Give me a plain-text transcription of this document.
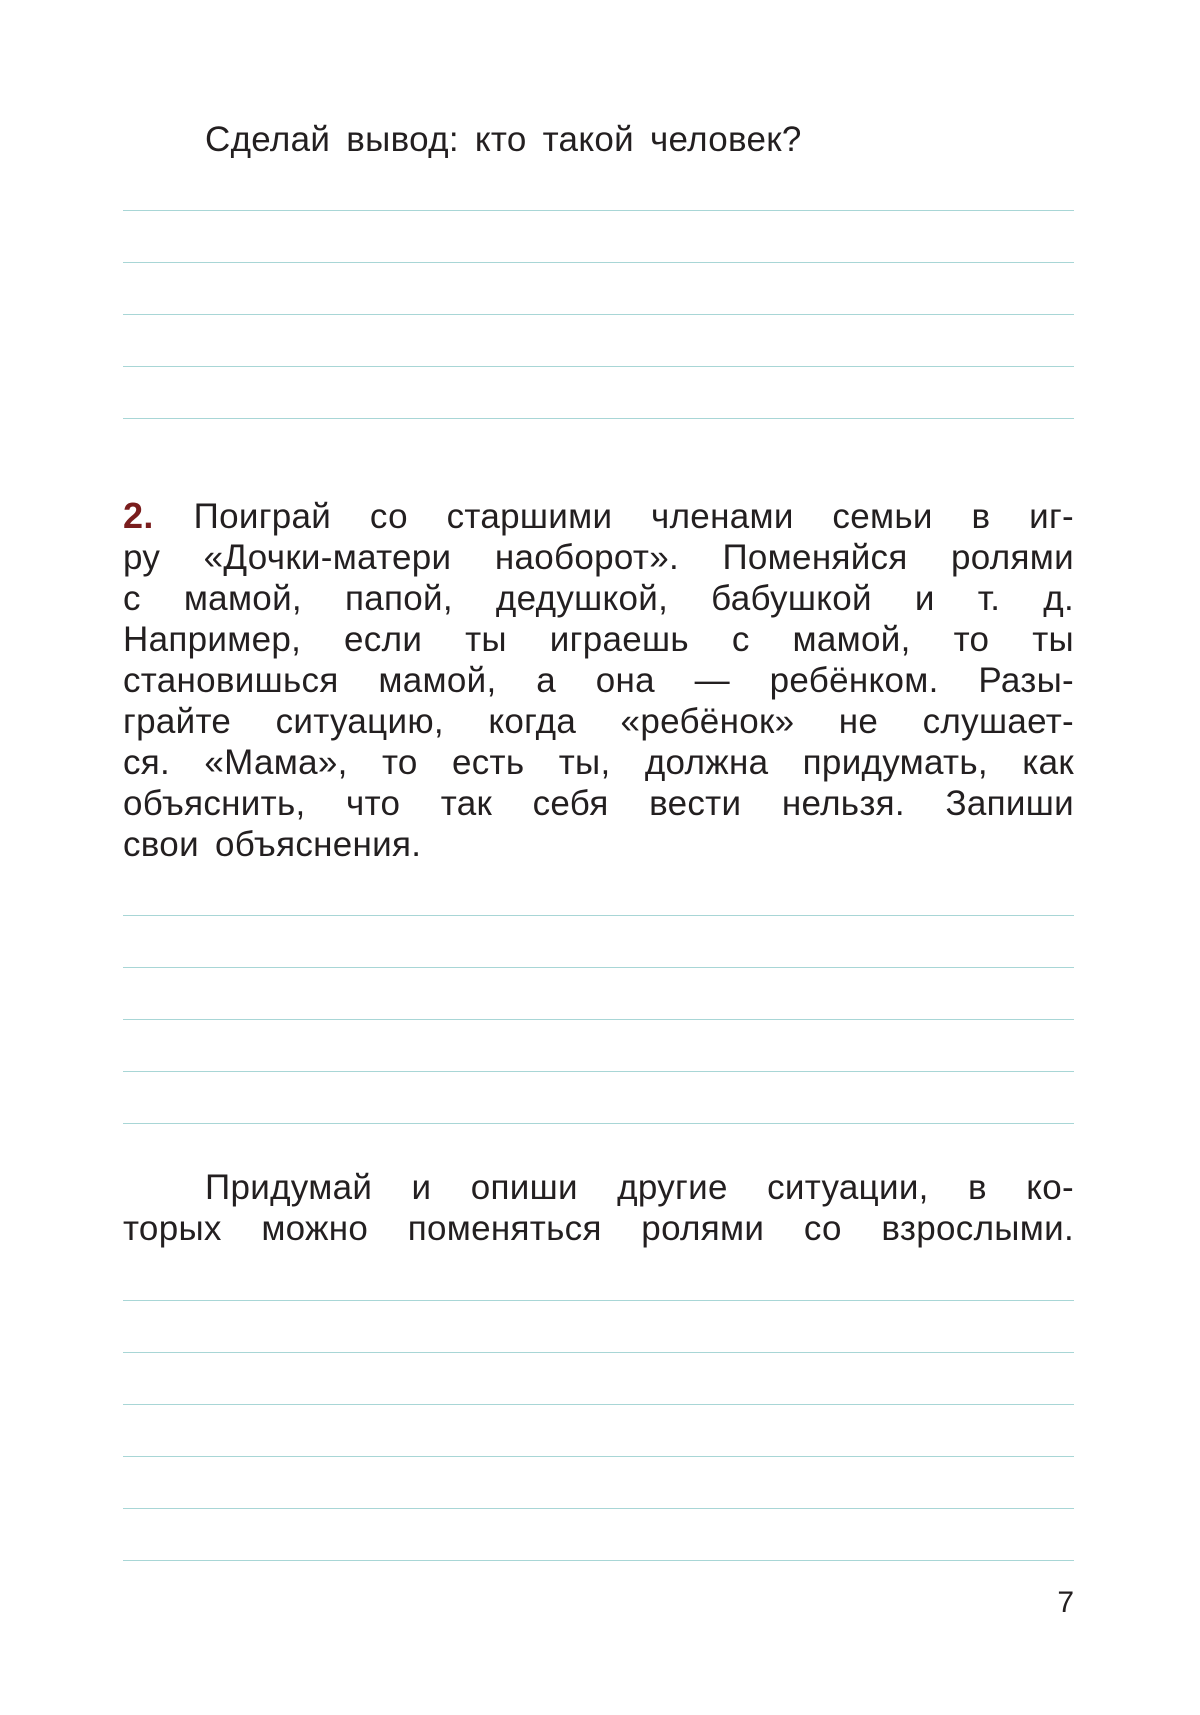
Сделай вывод: кто такой человек?
2. Поиграй со старшими членами семьи в иг-
ру «Дочки-матери наоборот». Поменяйся ролями
с мамой, папой, дедушкой, бабушкой и т. д.
Например, если ты играешь с мамой, то ты
становишься мамой, а она — ребёнком. Разы-
грайте ситуацию, когда «ребёнок» не слушает-
ся. «Мама», то есть ты, должна придумать, как
объяснить, что так себя вести нельзя. Запиши
свои объяснения.
Придумай и опиши другие ситуации, в ко-
торых можно поменяться ролями со взрослыми.
7
